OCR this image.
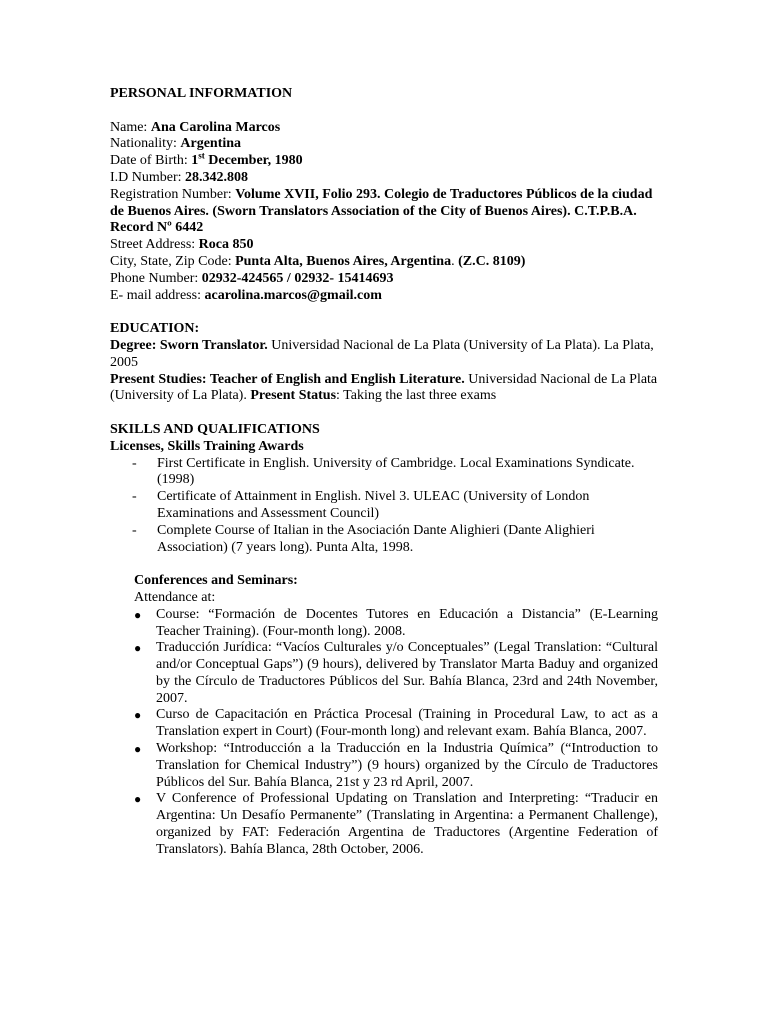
PERSONAL INFORMATION

Name: Ana Carolina Marcos

Nationality: Argentina

Date of Birth: 1st December, 1980

I.D Number: 28.342.808

Registration Number: Volume XVII, Folio 293. Colegio de Traductores Públicos de la ciudad de Buenos Aires. (Sworn Translators Association of the City of Buenos Aires). C.T.P.B.A. Record Nº 6442

Street Address: Roca 850

City, State, Zip Code: Punta Alta, Buenos Aires, Argentina. (Z.C. 8109)

Phone Number: 02932-424565 / 02932- 15414693

E- mail address: acarolina.marcos@gmail.com

EDUCATION:

Degree: Sworn Translator. Universidad Nacional de La Plata (University of La Plata). La Plata, 2005

Present Studies: Teacher of English and English Literature. Universidad Nacional de La Plata (University of La Plata). Present Status: Taking the last three exams

SKILLS AND QUALIFICATIONS

Licenses, Skills Training Awards

- First Certificate in English. University of Cambridge. Local Examinations Syndicate. (1998)
- Certificate of Attainment in English. Nivel 3. ULEAC (University of London Examinations and Assessment Council)
- Complete Course of Italian in the Asociación Dante Alighieri (Dante Alighieri Association) (7 years long). Punta Alta, 1998.

Conferences and Seminars:

Attendance at:

● Course: “Formación de Docentes Tutores en Educación a Distancia” (E-Learning Teacher Training). (Four-month long). 2008.
● Traducción Jurídica: “Vacíos Culturales y/o Conceptuales” (Legal Translation: “Cultural and/or Conceptual Gaps”) (9 hours), delivered by Translator Marta Baduy and organized by the Círculo de Traductores Públicos del Sur. Bahía Blanca, 23rd and 24th November, 2007.
● Curso de Capacitación en Práctica Procesal (Training in Procedural Law, to act as a Translation expert in Court) (Four-month long) and relevant exam. Bahía Blanca, 2007.
● Workshop: “Introducción a la Traducción en la Industria Química” (“Introduction to Translation for Chemical Industry”) (9 hours) organized by the Círculo de Traductores Públicos del Sur. Bahía Blanca, 21st y 23 rd April, 2007.
● V Conference of Professional Updating on Translation and Interpreting: “Traducir en Argentina: Un Desafío Permanente” (Translating in Argentina: a Permanent Challenge), organized by FAT: Federación Argentina de Traductores (Argentine Federation of Translators). Bahía Blanca, 28th October, 2006.
